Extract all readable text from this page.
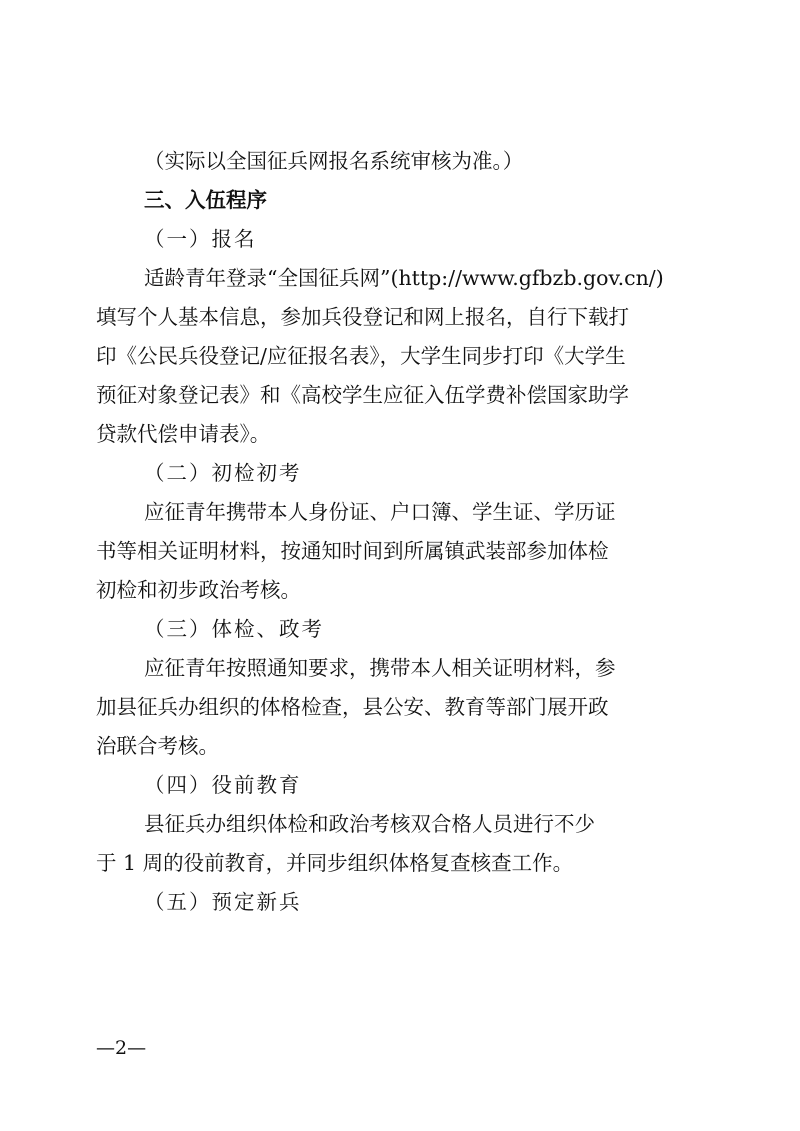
（实际以全国征兵网报名系统审核为准。）
三、入伍程序
（一）报名
适龄青年登录“全国征兵网”(http://www.gfbzb.gov.cn/)
填写个人基本信息，参加兵役登记和网上报名，自行下载打
印《公民兵役登记/应征报名表》，大学生同步打印《大学生
预征对象登记表》和《高校学生应征入伍学费补偿国家助学
贷款代偿申请表》。
（二）初检初考
应征青年携带本人身份证、户口簿、学生证、学历证
书等相关证明材料，按通知时间到所属镇武装部参加体检
初检和初步政治考核。
（三）体检、政考
应征青年按照通知要求，携带本人相关证明材料，参
加县征兵办组织的体格检查，县公安、教育等部门展开政
治联合考核。
（四）役前教育
县征兵办组织体检和政治考核双合格人员进行不少
于 1 周的役前教育，并同步组织体格复查核查工作。
（五）预定新兵
—2—
